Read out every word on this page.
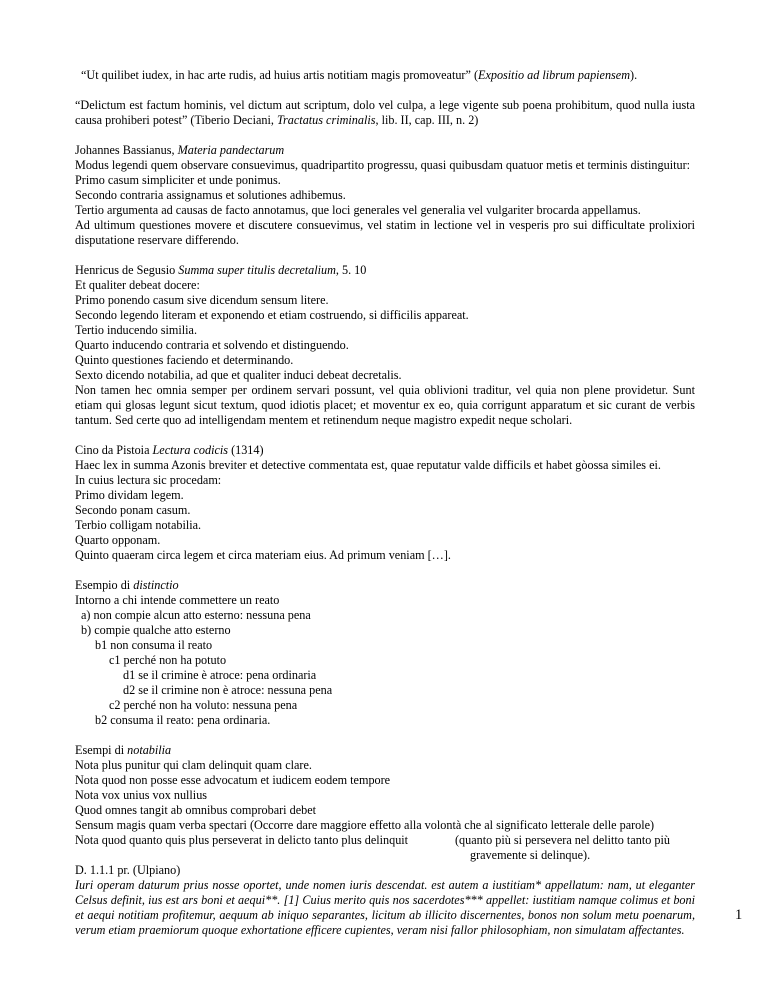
“Ut quilibet iudex, in hac arte rudis, ad huius artis notitiam magis promoveatur” (Expositio ad librum papiensem).

“Delictum est factum hominis, vel dictum aut scriptum, dolo vel culpa, a lege vigente sub poena prohibitum, quod nulla iusta causa prohiberi potest” (Tiberio Deciani, Tractatus criminalis, lib. II, cap. III, n. 2)

Johannes Bassianus, Materia pandectarum
Modus legendi quem observare consuevimus, quadripartito progressu, quasi quibusdam quatuor metis et terminis distinguitur:
Primo casum simpliciter et unde ponimus.
Secondo contraria assignamus et solutiones adhibemus.
Tertio argumenta ad causas de facto annotamus, que loci generales vel generalia vel vulgariter brocarda appellamus.
Ad ultimum questiones movere et discutere consuevimus, vel statim in lectione vel in vesperis pro sui difficultate prolixiori disputatione reservare differendo.
Henricus de Segusio Summa super titulis decretalium, 5. 10
Et qualiter debeat docere:
Primo ponendo casum sive dicendum sensum litere.
Secondo legendo literam et exponendo et etiam costruendo, si difficilis appareat.
Tertio inducendo similia.
Quarto inducendo contraria et solvendo et distinguendo.
Quinto questiones faciendo et determinando.
Sexto dicendo notabilia, ad que et qualiter induci debeat decretalis.
Non tamen hec omnia semper per ordinem servari possunt, vel quia oblivioni traditur, vel quia non plene providetur. Sunt etiam qui glosas legunt sicut textum, quod idiotis placet; et moventur ex eo, quia corrigunt apparatum et sic curant de verbis tantum. Sed certe quo ad intelligendam mentem et retinendum neque magistro expedit neque scholari.
Cino da Pistoia Lectura codicis (1314)
Haec lex in summa Azonis breviter et detective commentata est, quae reputatur valde difficils et habet gòossa similes ei.
In cuius lectura sic procedam:
Primo dividam legem.
Secondo ponam casum.
Terbio colligam notabilia.
Quarto opponam.
Quinto quaeram circa legem et circa materiam eius. Ad primum veniam […].
Esempio di distinctio
Intorno a chi intende commettere un reato
a) non compie alcun atto esterno: nessuna pena
b) compie qualche atto esterno
b1 non consuma il reato
c1 perché non ha potuto
d1 se il crimine è atroce: pena ordinaria
d2 se il crimine non è atroce: nessuna pena
c2 perché non ha voluto: nessuna pena
b2 consuma il reato: pena ordinaria.
Esempi di notabilia
Nota plus punitur qui clam delinquit quam clare.
Nota quod non posse esse advocatum et iudicem eodem tempore
Nota vox unius vox nullius
Quod omnes tangit ab omnibus comprobari debet
Sensum magis quam verba spectari (Occorre dare maggiore effetto alla volontà che al significato letterale delle parole)
Nota quod quanto quis plus perseverat in delicto tanto plus delinquit	(quanto più si persevera nel delitto tanto più
gravemente si delinque).
D. 1.1.1 pr. (Ulpiano)
Iuri operam daturum prius nosse oportet, unde nomen iuris descendat. est autem a iustitiam* appellatum: nam, ut eleganter Celsus definit, ius est ars boni et aequi**. [1] Cuius merito quis nos sacerdotes*** appellet: iustitiam namque colimus et boni et aequi notitiam profitemur, aequum ab iniquo separantes, licitum ab illicito discernentes, bonos non solum metu poenarum, verum etiam praemiorum quoque exhortatione efficere cupientes, veram nisi fallor philosophiam, non simulatam affectantes.
1
